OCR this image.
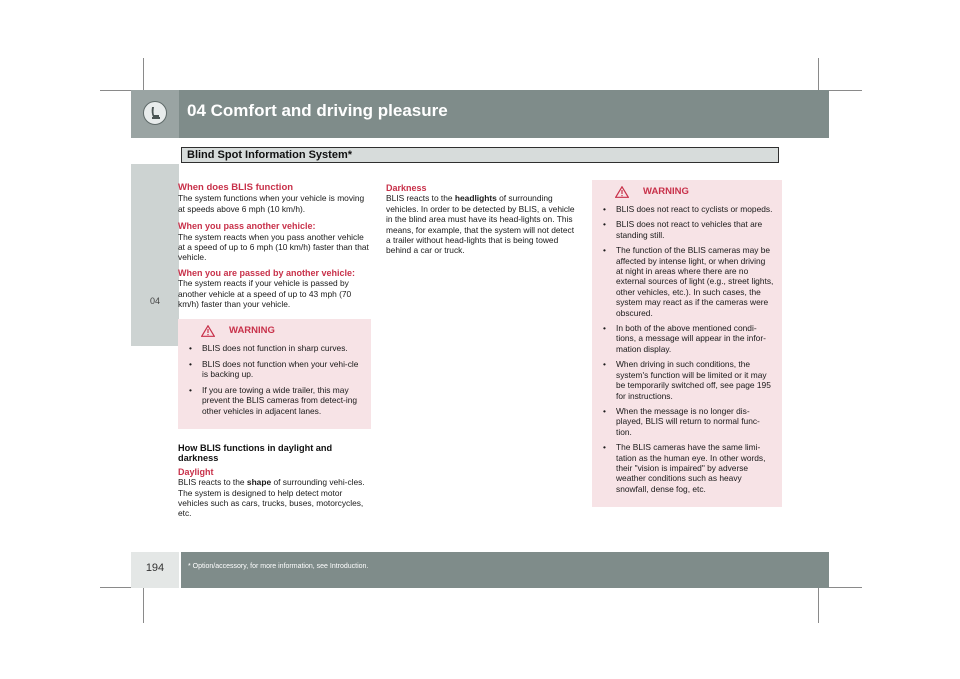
04 Comfort and driving pleasure
Blind Spot Information System*
04
194	* Option/accessory, for more information, see Introduction.
When does BLIS function

The system functions when your vehicle is moving at speeds above 6 mph (10 km/h).

When you pass another vehicle:

The system reacts when you pass another vehicle at a speed of up to 6 mph (10 km/h) faster than that vehicle.

When you are passed by another vehicle:

The system reacts if your vehicle is passed by another vehicle at a speed of up to 43 mph (70 km/h) faster than your vehicle.

WARNING
• BLIS does not function in sharp curves.
• BLIS does not function when your vehi-cle is backing up.
• If you are towing a wide trailer, this may prevent the BLIS cameras from detect-ing other vehicles in adjacent lanes.
How BLIS functions in daylight and darkness
Daylight

BLIS reacts to the shape of surrounding vehi-cles. The system is designed to help detect motor vehicles such as cars, trucks, buses, motorcycles, etc.

Darkness

BLIS reacts to the headlights of surrounding vehicles. In order to be detected by BLIS, a vehicle in the blind area must have its head-lights on. This means, for example, that the system will not detect a trailer without head-lights that is being towed behind a car or truck.

WARNING
• BLIS does not react to cyclists or mopeds.
• BLIS does not react to vehicles that are standing still.
• The function of the BLIS cameras may be affected by intense light, or when driving at night in areas where there are no external sources of light (e.g., street lights, other vehicles, etc.). In such cases, the system may react as if the cameras were obscured.
• In both of the above mentioned condi-tions, a message will appear in the infor-mation display.
• When driving in such conditions, the system's function will be limited or it may be temporarily switched off, see page 195 for instructions.
• When the message is no longer dis-played, BLIS will return to normal func-tion.
• The BLIS cameras have the same limi-tation as the human eye. In other words, their "vision is impaired" by adverse weather conditions such as heavy snowfall, dense fog, etc.
